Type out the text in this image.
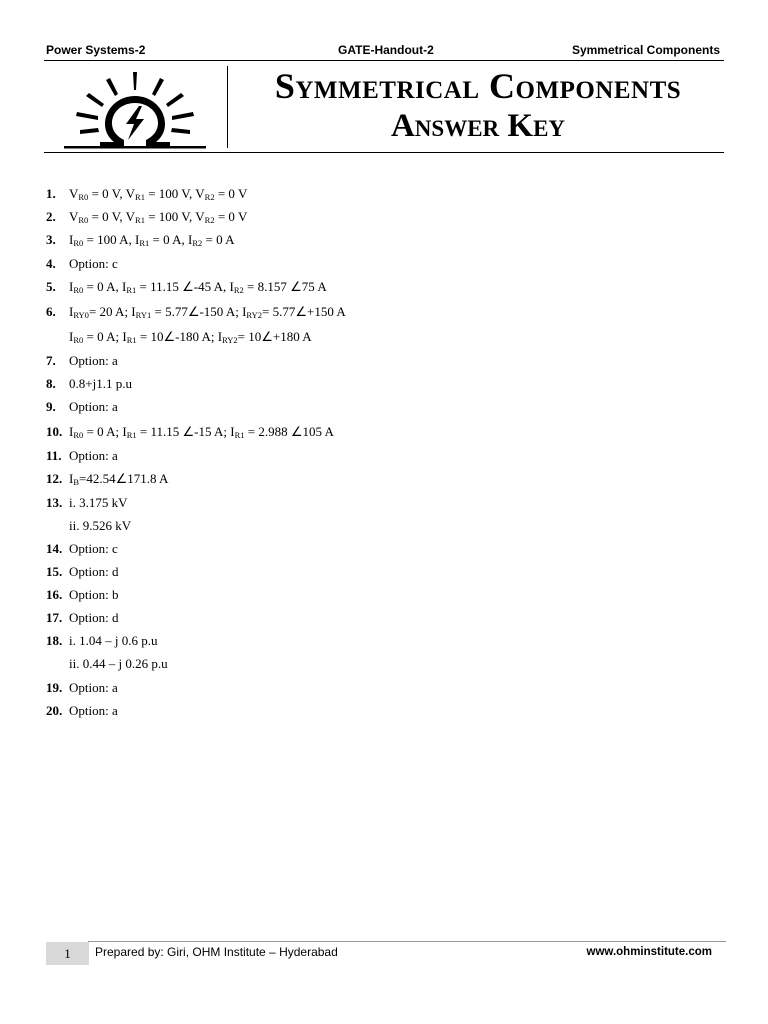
Power Systems-2	GATE-Handout-2	Symmetrical Components
Symmetrical Components
Answer Key
1. $V_{R0} = 0$ V, $V_{R1} = 100$ V, $V_{R2} = 0$ V
2. $V_{R0} = 0$ V, $V_{R1} = 100$ V, $V_{R2} = 0$ V
3. $I_{R0} = 100$ A, $I_{R1} = 0$ A, $I_{R2} = 0$ A
4. Option: c
5. $I_{R0} = 0$ A, $I_{R1} = 11.15$ ∠-45 A, $I_{R2} = 8.157$ ∠75 A
6. $I_{RY0}= 20$ A; $I_{RY1}$ = 5.77∠-150 A; $I_{RY2}=$ 5.77∠+150 A
$I_{R0} = 0$ A; $I_{R1}$ = 10∠-180 A; $I_{RY2}=$ 10∠+180 A
7. Option: a
8. 0.8+j1.1 p.u
9. Option: a
10. $I_{R0} = 0$ A; $I_{R1} = 11.15$ ∠-15 A; $I_{R1} = 2.988$ ∠105 A
11. Option: a
12. $I_B=42.54\angle 171.8$ A
13. i. 3.175 kV
ii. 9.526 kV
14. Option: c
15. Option: d
16. Option: b
17. Option: d
18. i. 1.04 – j 0.6 p.u
ii. 0.44 – j 0.26 p.u
19. Option: a
20. Option: a
1	Prepared by: Giri, OHM Institute – Hyderabad	www.ohminstitute.com
